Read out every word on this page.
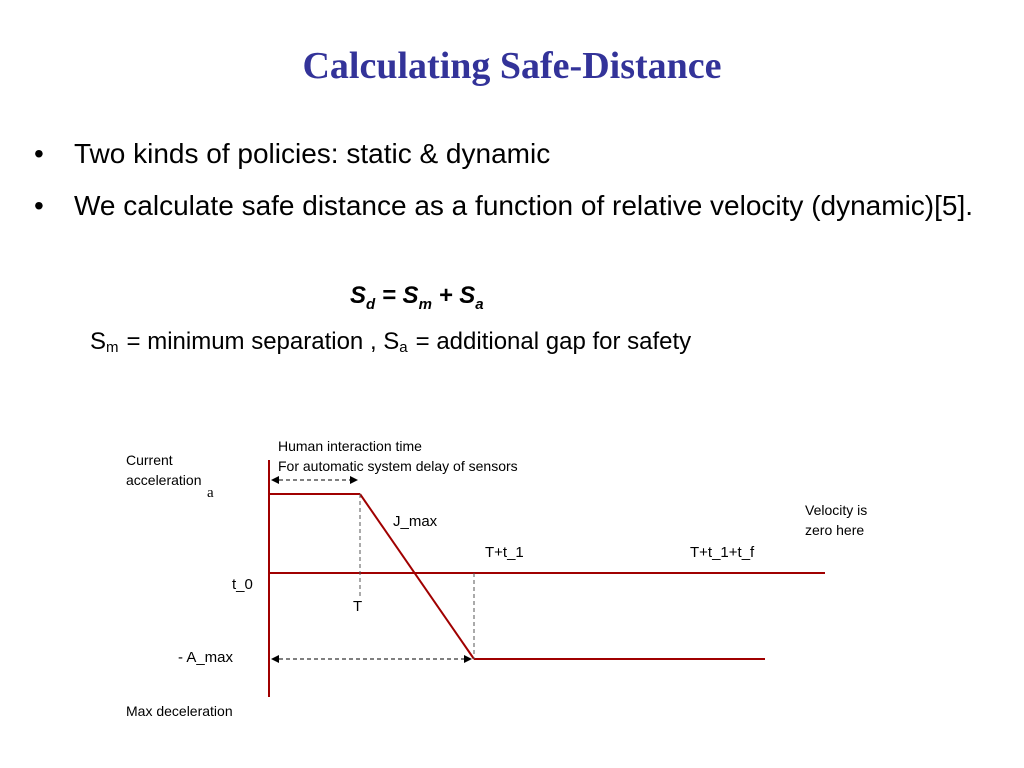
Calculating Safe-Distance
• Two kinds of policies: static & dynamic
• We calculate safe distance as a function of relative velocity (dynamic)[5].
$S_d = S_m + S_a$
$S_m$ = minimum separation , $S_a$ = additional gap for safety
Human interaction time
For automatic system delay of sensors
Current
acceleration
a
J_max
Velocity is
zero here
T+t_1	T+t_1+t_f
t_0
T
- A_max
Max deceleration
